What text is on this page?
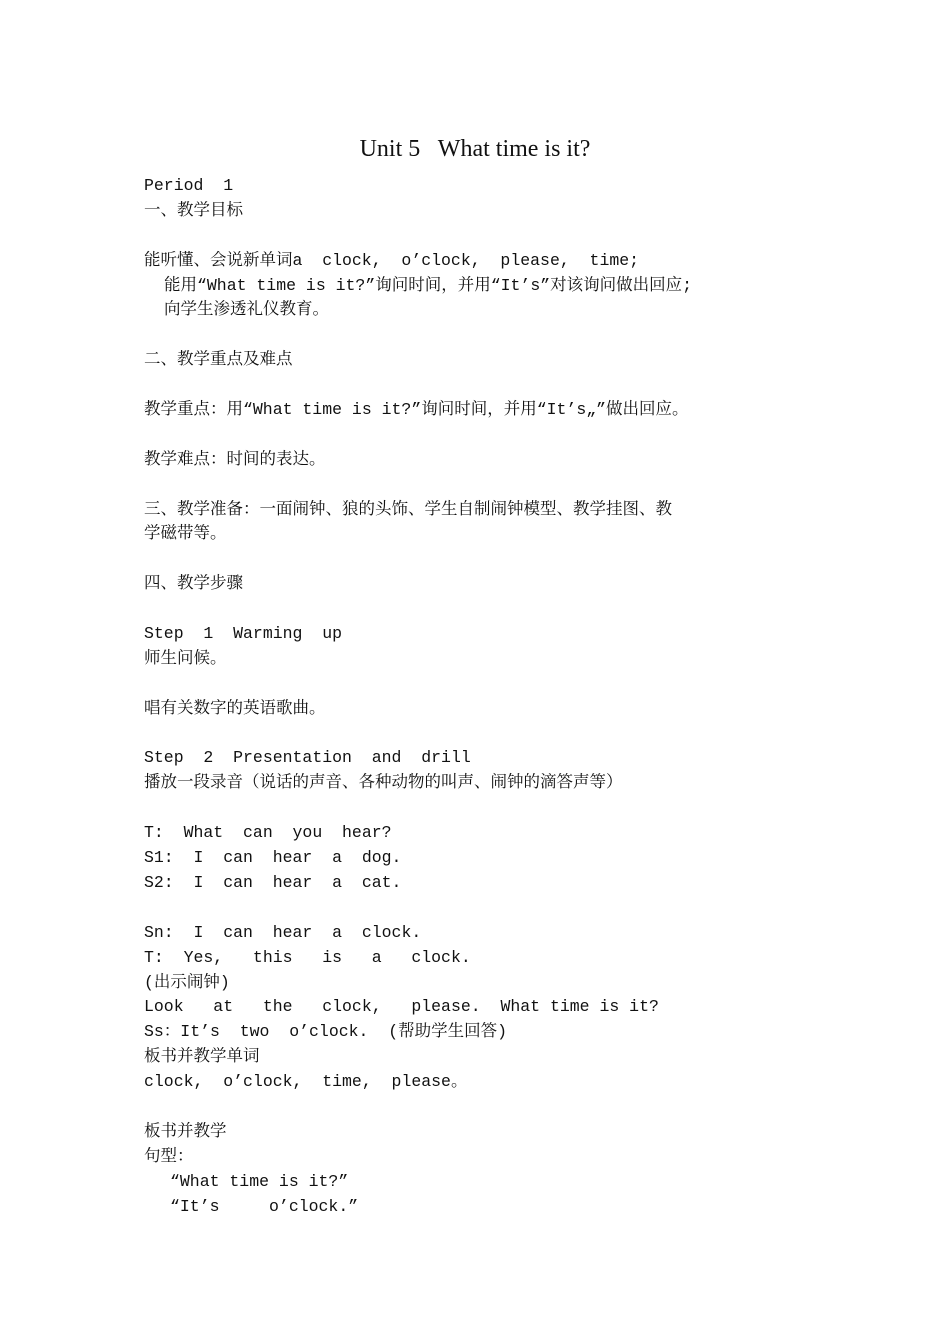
Unit 5   What time is it?
Period  1
一、教学目标
能听懂、会说新单词a  clock,  o’clock,  please,  time;
能用“What time is it?”询问时间，并用“It’s”对该询问做出回应;
向学生渗透礼仪教育。
二、教学重点及难点
教学重点：用“What time is it?”询问时间，并用“It’s„”做出回应。
教学难点：时间的表达。
三、教学准备：一面闹钟、狼的头饰、学生自制闹钟模型、教学挂图、教
学磁带等。
四、教学步骤
Step  1  Warming  up
师生问候。
唱有关数字的英语歌曲。
Step  2  Presentation  and  drill
播放一段录音（说话的声音、各种动物的叫声、闹钟的滴答声等）
T:  What  can  you  hear?
S1:  I  can  hear  a  dog.
S2:  I  can  hear  a  cat.
Sn:  I  can  hear  a  clock.
T:  Yes,   this   is   a   clock.
(出示闹钟)
Look   at   the   clock,   please.  What time is it?
Ss：It’s  two  o’clock.  (帮助学生回答)
板书并教学单词
clock,  o’clock,  time,  please。
板书并教学
句型：
“What time is it?”
“It’s     o’clock.”
